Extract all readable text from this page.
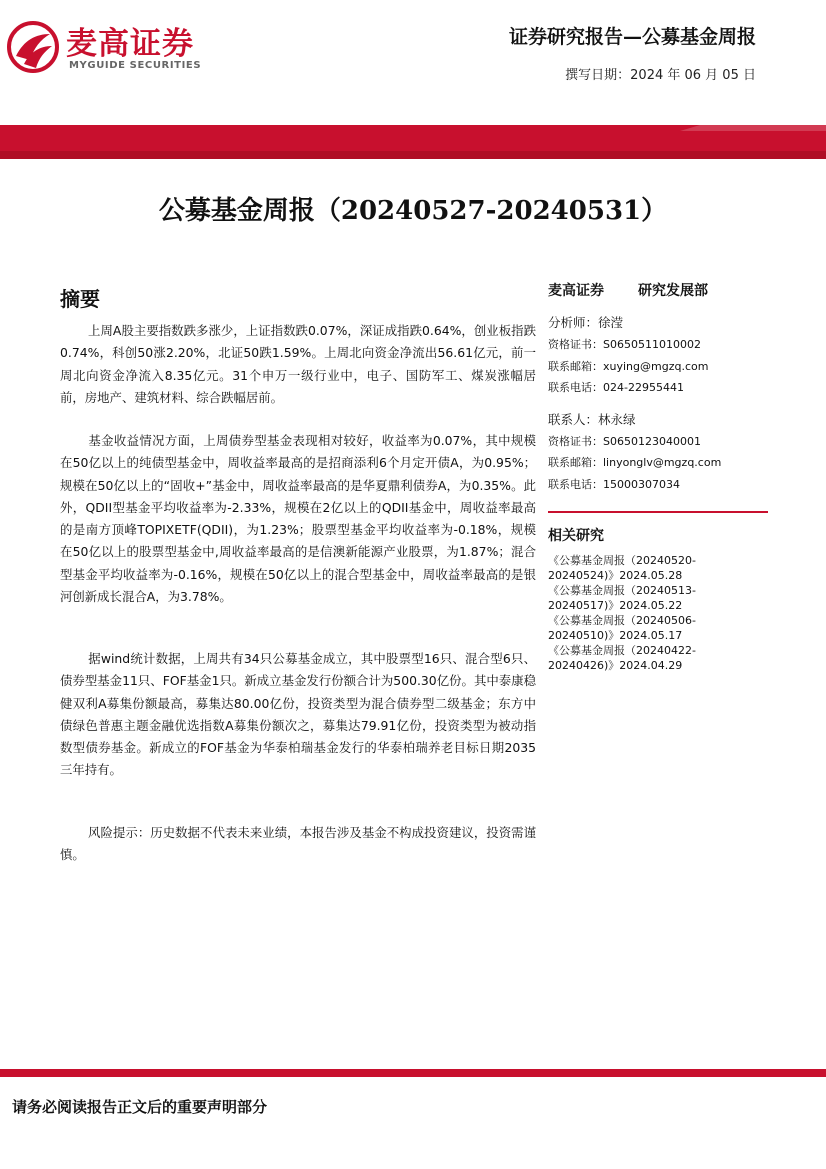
麦高证券
MYGUIDE SECURITIES
证券研究报告—公募基金周报
撰写日期：2024 年 06 月 05 日
公募基金周报（20240527-20240531）
摘要
上周A股主要指数跌多涨少，上证指数跌0.07%，深证成指跌0.64%，创业板指跌0.74%，科创50涨2.20%，北证50跌1.59%。上周北向资金净流出56.61亿元，前一周北向资金净流入8.35亿元。31个申万一级行业中，电子、国防军工、煤炭涨幅居前，房地产、建筑材料、综合跌幅居前。
基金收益情况方面，上周债券型基金表现相对较好，收益率为0.07%，其中规模在50亿以上的纯债型基金中，周收益率最高的是招商添利6个月定开债A，为0.95%；规模在50亿以上的“固收+”基金中，周收益率最高的是华夏鼎利债券A，为0.35%。此外，QDII型基金平均收益率为-2.33%，规模在2亿以上的QDII基金中，周收益率最高的是南方顶峰TOPIXETF(QDII)，为1.23%；股票型基金平均收益率为-0.18%，规模在50亿以上的股票型基金中,周收益率最高的是信澳新能源产业股票，为1.87%；混合型基金平均收益率为-0.16%，规模在50亿以上的混合型基金中，周收益率最高的是银河创新成长混合A，为3.78%。
据wind统计数据，上周共有34只公募基金成立，其中股票型16只、混合型6只、债券型基金11只、FOF基金1只。新成立基金发行份额合计为500.30亿份。其中泰康稳健双利A募集份额最高，募集达80.00亿份，投资类型为混合债券型二级基金；东方中债绿色普惠主题金融优选指数A募集份额次之，募集达79.91亿份，投资类型为被动指数型债券基金。新成立的FOF基金为华泰柏瑞基金发行的华泰柏瑞养老目标日期2035三年持有。
风险提示：历史数据不代表未来业绩，本报告涉及基金不构成投资建议，投资需谨慎。
麦高证券 研究发展部
分析师：徐滢
资格证书：S0650511010002
联系邮箱：xuying@mgzq.com
联系电话：024-22955441
联系人：林永绿
资格证书：S0650123040001
联系邮箱：linyonglv@mgzq.com
联系电话：15000307034
相关研究
《公募基金周报（20240520-
20240524)》2024.05.28
《公募基金周报（20240513-
20240517)》2024.05.22
《公募基金周报（20240506-
20240510)》2024.05.17
《公募基金周报（20240422-
20240426)》2024.04.29
请务必阅读报告正文后的重要声明部分
